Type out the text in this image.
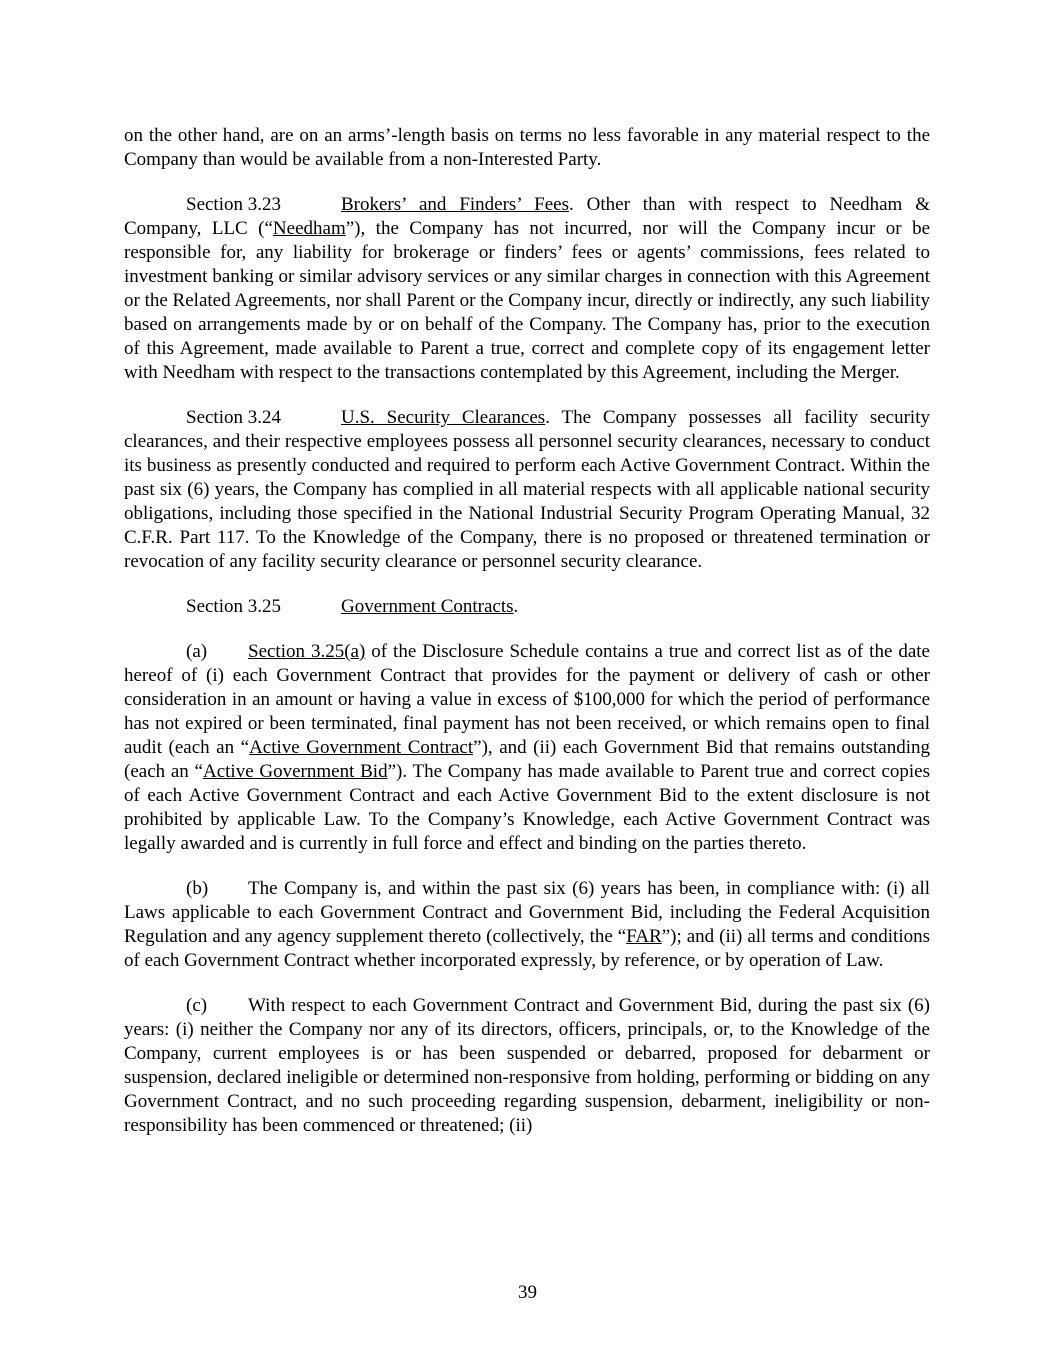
on the other hand, are on an arms’-length basis on terms no less favorable in any material respect to the Company than would be available from a non-Interested Party.

Section 3.23	Brokers’ and Finders’ Fees. Other than with respect to Needham & Company, LLC (“Needham”), the Company has not incurred, nor will the Company incur or be responsible for, any liability for brokerage or finders’ fees or agents’ commissions, fees related to investment banking or similar advisory services or any similar charges in connection with this Agreement or the Related Agreements, nor shall Parent or the Company incur, directly or indirectly, any such liability based on arrangements made by or on behalf of the Company. The Company has, prior to the execution of this Agreement, made available to Parent a true, correct and complete copy of its engagement letter with Needham with respect to the transactions contemplated by this Agreement, including the Merger.

Section 3.24	U.S. Security Clearances. The Company possesses all facility security clearances, and their respective employees possess all personnel security clearances, necessary to conduct its business as presently conducted and required to perform each Active Government Contract. Within the past six (6) years, the Company has complied in all material respects with all applicable national security obligations, including those specified in the National Industrial Security Program Operating Manual, 32 C.F.R. Part 117. To the Knowledge of the Company, there is no proposed or threatened termination or revocation of any facility security clearance or personnel security clearance.

Section 3.25	Government Contracts.

(a) Section 3.25(a) of the Disclosure Schedule contains a true and correct list as of the date hereof of (i) each Government Contract that provides for the payment or delivery of cash or other consideration in an amount or having a value in excess of $100,000 for which the period of performance has not expired or been terminated, final payment has not been received, or which remains open to final audit (each an “Active Government Contract”), and (ii) each Government Bid that remains outstanding (each an “Active Government Bid”). The Company has made available to Parent true and correct copies of each Active Government Contract and each Active Government Bid to the extent disclosure is not prohibited by applicable Law. To the Company’s Knowledge, each Active Government Contract was legally awarded and is currently in full force and effect and binding on the parties thereto.

(b) The Company is, and within the past six (6) years has been, in compliance with: (i) all Laws applicable to each Government Contract and Government Bid, including the Federal Acquisition Regulation and any agency supplement thereto (collectively, the “FAR”); and (ii) all terms and conditions of each Government Contract whether incorporated expressly, by reference, or by operation of Law.

(c) With respect to each Government Contract and Government Bid, during the past six (6) years: (i) neither the Company nor any of its directors, officers, principals, or, to the Knowledge of the Company, current employees is or has been suspended or debarred, proposed for debarment or suspension, declared ineligible or determined non-responsive from holding, performing or bidding on any Government Contract, and no such proceeding regarding suspension, debarment, ineligibility or non-responsibility has been commenced or threatened; (ii)

39
